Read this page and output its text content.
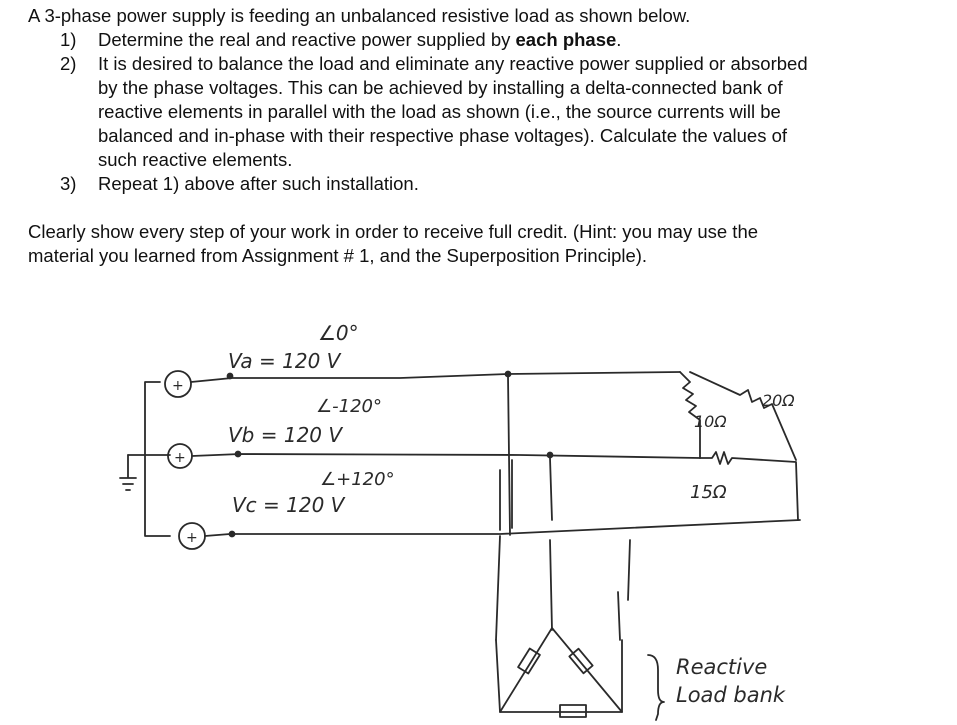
A 3-phase power supply is feeding an unbalanced resistive load as shown below.

1) Determine the real and reactive power supplied by each phase.
2) It is desired to balance the load and eliminate any reactive power supplied or absorbed
by the phase voltages. This can be achieved by installing a delta-connected bank of
reactive elements in parallel with the load as shown (i.e., the source currents will be
balanced and in-phase with their respective phase voltages). Calculate the values of
such reactive elements.
3) Repeat 1) above after such installation.
Clearly show every step of your work in order to receive full credit. (Hint: you may use the
material you learned from Assignment # 1, and the Superposition Principle).
+
+
+
Va = 120 V
∠0°
Vb = 120 V
∠-120°
Vc = 120 V
∠+120°
10Ω
20Ω
15Ω
Reactive
Load bank
